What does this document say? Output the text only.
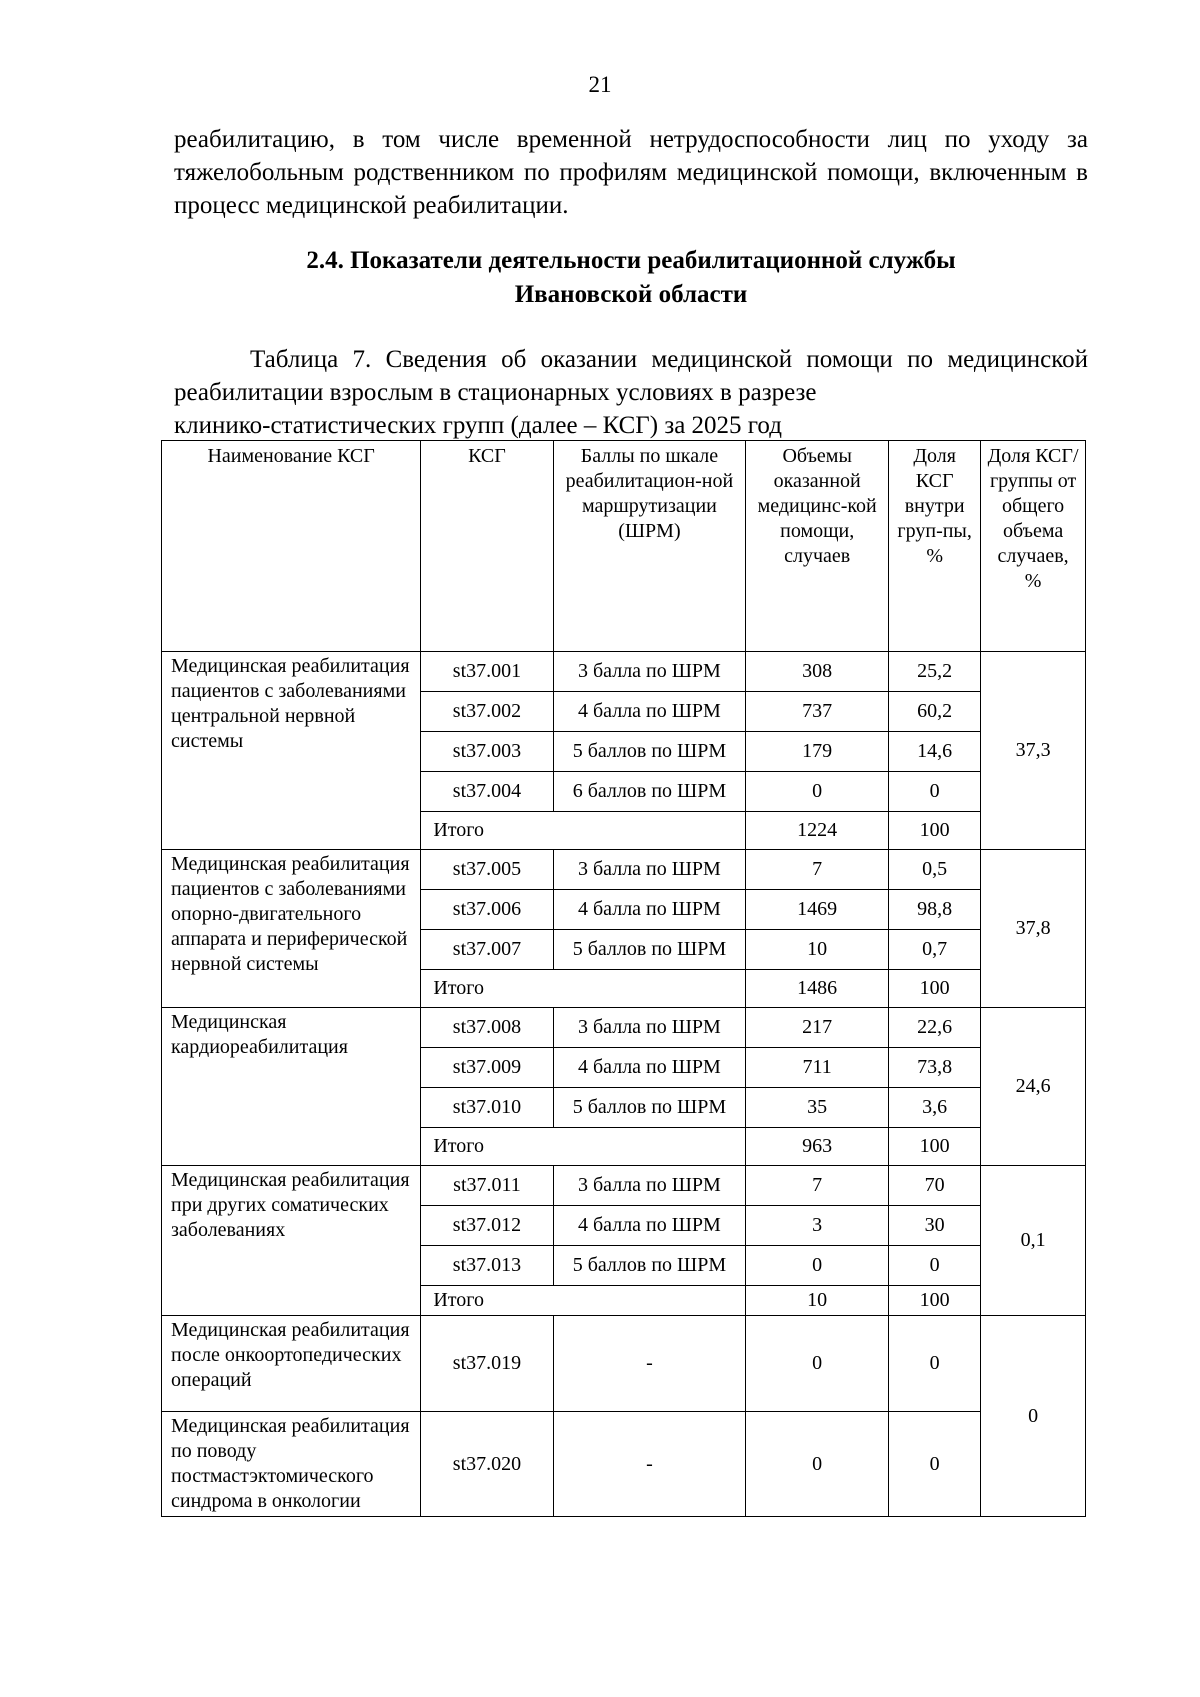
21

реабилитацию, в том числе временной нетрудоспособности лиц по уходу за тяжелобольным родственником по профилям медицинской помощи, включенным в процесс медицинской реабилитации.

2.4. Показатели деятельности реабилитационной службы
Ивановской области
Таблица 7. Сведения об оказании медицинской помощи по медицинской реабилитации взрослым в стационарных условиях в разрезе
клинико-статистических групп (далее – КСГ) за 2025 год
Наименование КСГ	КСГ	Баллы по шкале реабилитацион-ной маршрутизации (ШРМ)	Объемы оказанной медицинс-кой помощи, случаев	Доля КСГ внутри груп-пы, %	Доля КСГ/ группы от общего объема случаев, %
Медицинская реабилитация пациентов с заболеваниями центральной нервной системы	st37.001	3 балла по ШРМ	308	25,2	37,3
	st37.002	4 балла по ШРМ	737	60,2	
	st37.003	5 баллов по ШРМ	179	14,6	
	st37.004	6 баллов по ШРМ	0	0	
	Итого		1224	100	
Медицинская реабилитация пациентов с заболеваниями опорно-двигательного аппарата и периферической нервной системы	st37.005	3 балла по ШРМ	7	0,5	37,8
	st37.006	4 балла по ШРМ	1469	98,8	
	st37.007	5 баллов по ШРМ	10	0,7	
	Итого		1486	100	
Медицинская кардиореабилитация	st37.008	3 балла по ШРМ	217	22,6	24,6
	st37.009	4 балла по ШРМ	711	73,8	
	st37.010	5 баллов по ШРМ	35	3,6	
	Итого		963	100	
Медицинская реабилитация при других соматических заболеваниях	st37.011	3 балла по ШРМ	7	70	0,1
	st37.012	4 балла по ШРМ	3	30	
	st37.013	5 баллов по ШРМ	0	0	
	Итого		10	100	
Медицинская реабилитация после онкоортопедических операций	st37.019	-	0	0	0
Медицинская реабилитация по поводу постмастэктомического синдрома в онкологии	st37.020	-	0	0	
